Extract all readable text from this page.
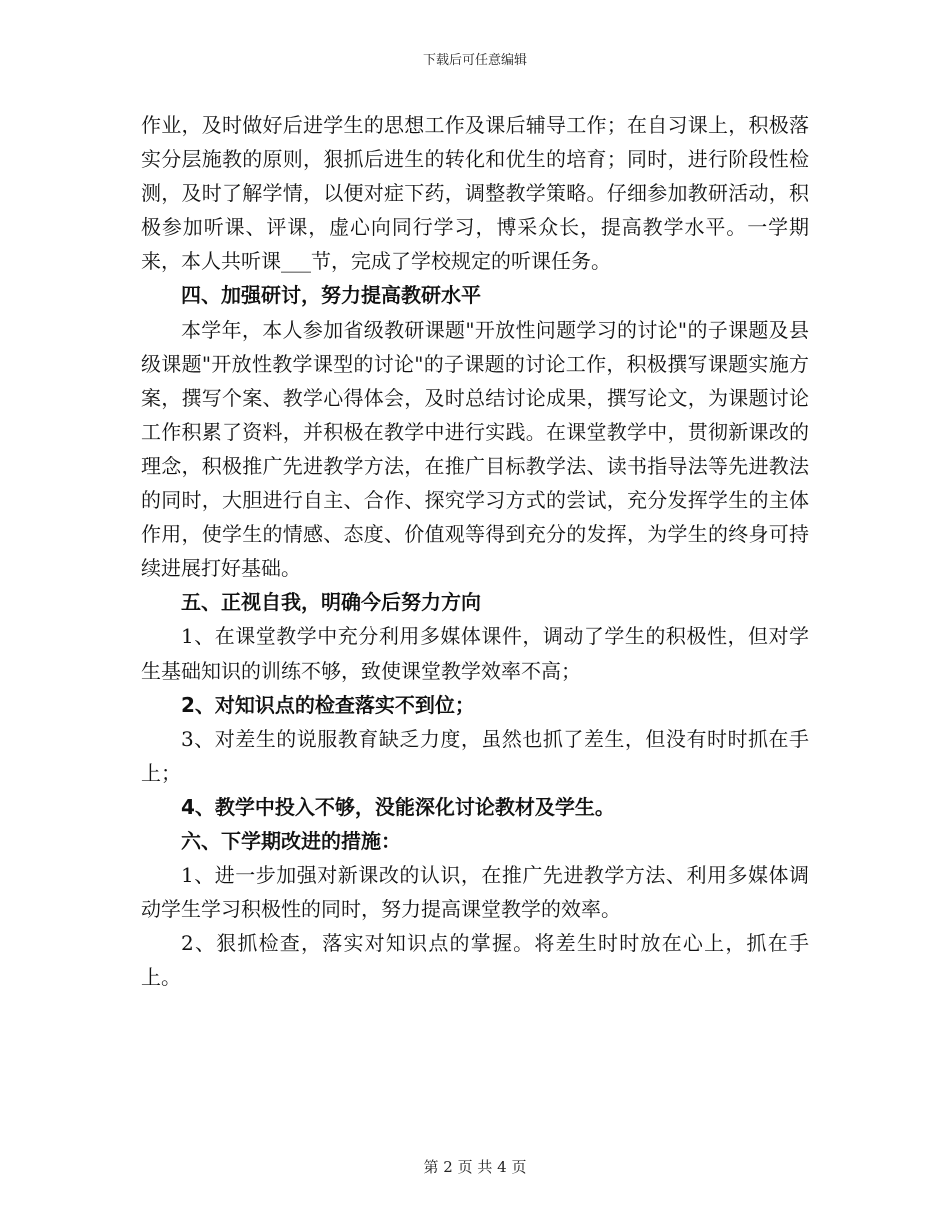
下载后可任意编辑

作业，及时做好后进学生的思想工作及课后辅导工作；在自习课上，积极落实分层施教的原则，狠抓后进生的转化和优生的培育；同时，进行阶段性检测，及时了解学情，以便对症下药，调整教学策略。仔细参加教研活动，积极参加听课、评课，虚心向同行学习，博采众长，提高教学水平。一学期来，本人共听课___节，完成了学校规定的听课任务。

四、加强研讨，努力提高教研水平

本学年，本人参加省级教研课题"开放性问题学习的讨论"的子课题及县级课题"开放性教学课型的讨论"的子课题的讨论工作，积极撰写课题实施方案，撰写个案、教学心得体会，及时总结讨论成果，撰写论文，为课题讨论工作积累了资料，并积极在教学中进行实践。在课堂教学中，贯彻新课改的理念，积极推广先进教学方法，在推广目标教学法、读书指导法等先进教法的同时，大胆进行自主、合作、探究学习方式的尝试，充分发挥学生的主体作用，使学生的情感、态度、价值观等得到充分的发挥，为学生的终身可持续进展打好基础。

五、正视自我，明确今后努力方向

1、在课堂教学中充分利用多媒体课件，调动了学生的积极性，但对学生基础知识的训练不够，致使课堂教学效率不高；

2、对知识点的检查落实不到位；

3、对差生的说服教育缺乏力度，虽然也抓了差生，但没有时时抓在手上；

4、教学中投入不够，没能深化讨论教材及学生。

六、下学期改进的措施：

1、进一步加强对新课改的认识，在推广先进教学方法、利用多媒体调动学生学习积极性的同时，努力提高课堂教学的效率。

2、狠抓检查，落实对知识点的掌握。将差生时时放在心上，抓在手上。

第 2 页 共 4 页
